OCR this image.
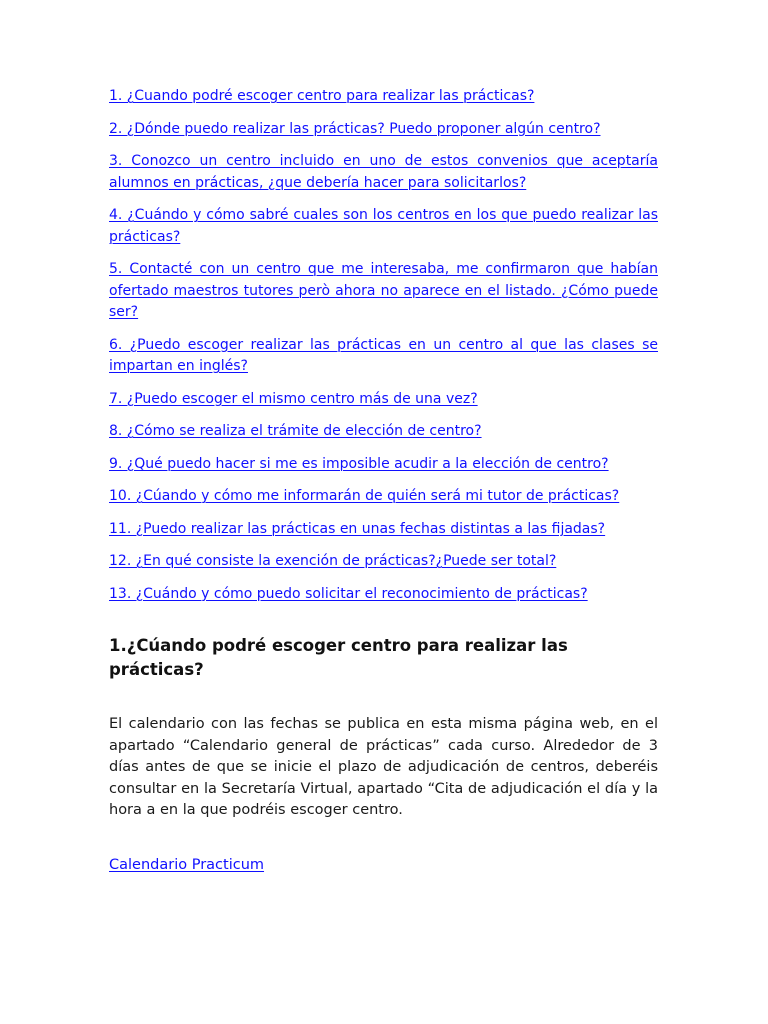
1. ¿Cuando podré escoger centro para realizar las prácticas?
2. ¿Dónde puedo realizar las prácticas? Puedo proponer algún centro?
3. Conozco un centro incluido en uno de estos convenios que aceptaría alumnos en prácticas, ¿que debería hacer para solicitarlos?
4. ¿Cuándo y cómo sabré cuales son los centros en los que puedo realizar las prácticas?
5. Contacté con un centro que me interesaba, me confirmaron que habían ofertado maestros tutores però ahora no aparece en el listado. ¿Cómo puede ser?
6. ¿Puedo escoger realizar las prácticas en un centro al que las clases se impartan en inglés?
7. ¿Puedo escoger el mismo centro más de una vez?
8. ¿Cómo se realiza el trámite de elección de centro?
9. ¿Qué puedo hacer si me es imposible acudir a la elección de centro?
10. ¿Cúando y cómo me informarán de quién será mi tutor de prácticas?
11. ¿Puedo realizar las prácticas en unas fechas distintas a las fijadas?
12. ¿En qué consiste la exención de prácticas?¿Puede ser total?
13. ¿Cuándo y cómo puedo solicitar el reconocimiento de prácticas?
1.¿Cúando podré escoger centro para realizar las prácticas?

El calendario con las fechas se publica en esta misma página web, en el apartado “Calendario general de prácticas” cada curso. Alrededor de 3 días antes de que se inicie el plazo de adjudicación de centros, deberéis consultar en la Secretaría Virtual, apartado “Cita de adjudicación el día y la hora a en la que podréis escoger centro.

Calendario Practicum
